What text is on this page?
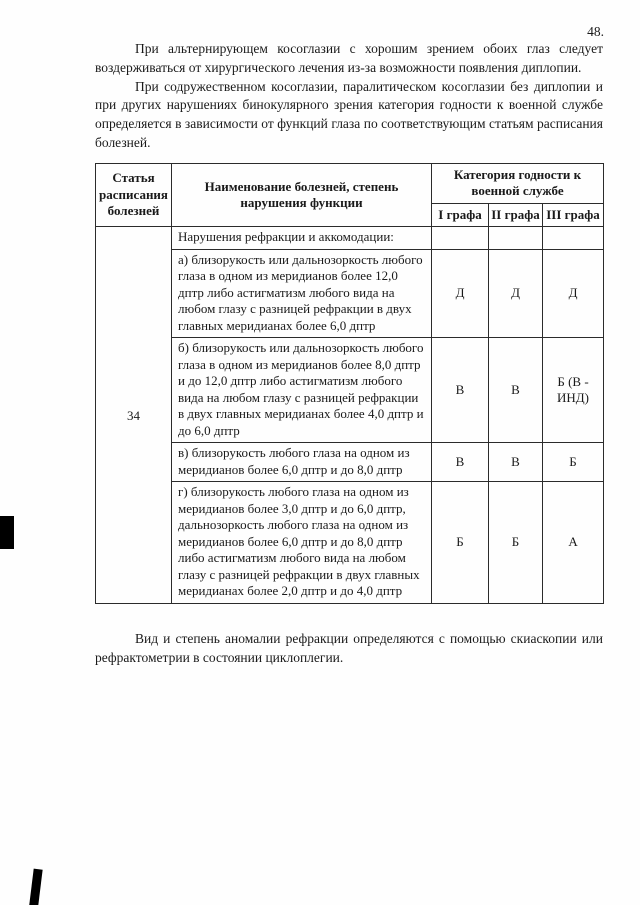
48.

При альтернирующем косоглазии с хорошим зрением обоих глаз следует воздерживаться от хирургического лечения из-за возможности появления диплопии.

При содружественном косоглазии, паралитическом косоглазии без диплопии и при других нарушениях бинокулярного зрения категория годности к военной службе определяется в зависимости от функций глаза по соответствующим статьям расписания болезней.

Статья расписания болезней	Наименование болезней, степень нарушения функции	Категория годности к военной службе		
		I графа	II графа	III графа
34	Нарушения рефракции и аккомодации:			
	а) близорукость или дальнозоркость любого глаза в одном из меридианов более 12,0 дптр либо астигматизм любого вида на любом глазу с разницей рефракции в двух главных меридианах более 6,0 дптр	Д	Д	Д
	б) близорукость или дальнозоркость любого глаза в одном из меридианов более 8,0 дптр и до 12,0 дптр либо астигматизм любого вида на любом глазу с разницей рефракции в двух главных меридианах более 4,0 дптр и до 6,0 дптр	В	В	Б (В - ИНД)
	в) близорукость любого глаза на одном из меридианов более 6,0 дптр и до 8,0 дптр	В	В	Б
	г) близорукость любого глаза на одном из меридианов более 3,0 дптр и до 6,0 дптр, дальнозоркость любого глаза на одном из меридианов более 6,0 дптр и до 8,0 дптр либо астигматизм любого вида на любом глазу с разницей рефракции в двух главных меридианах более 2,0 дптр и до 4,0 дптр	Б	Б	А

Вид и степень аномалии рефракции определяются с помощью скиаскопии или рефрактометрии в состоянии циклоплегии.
